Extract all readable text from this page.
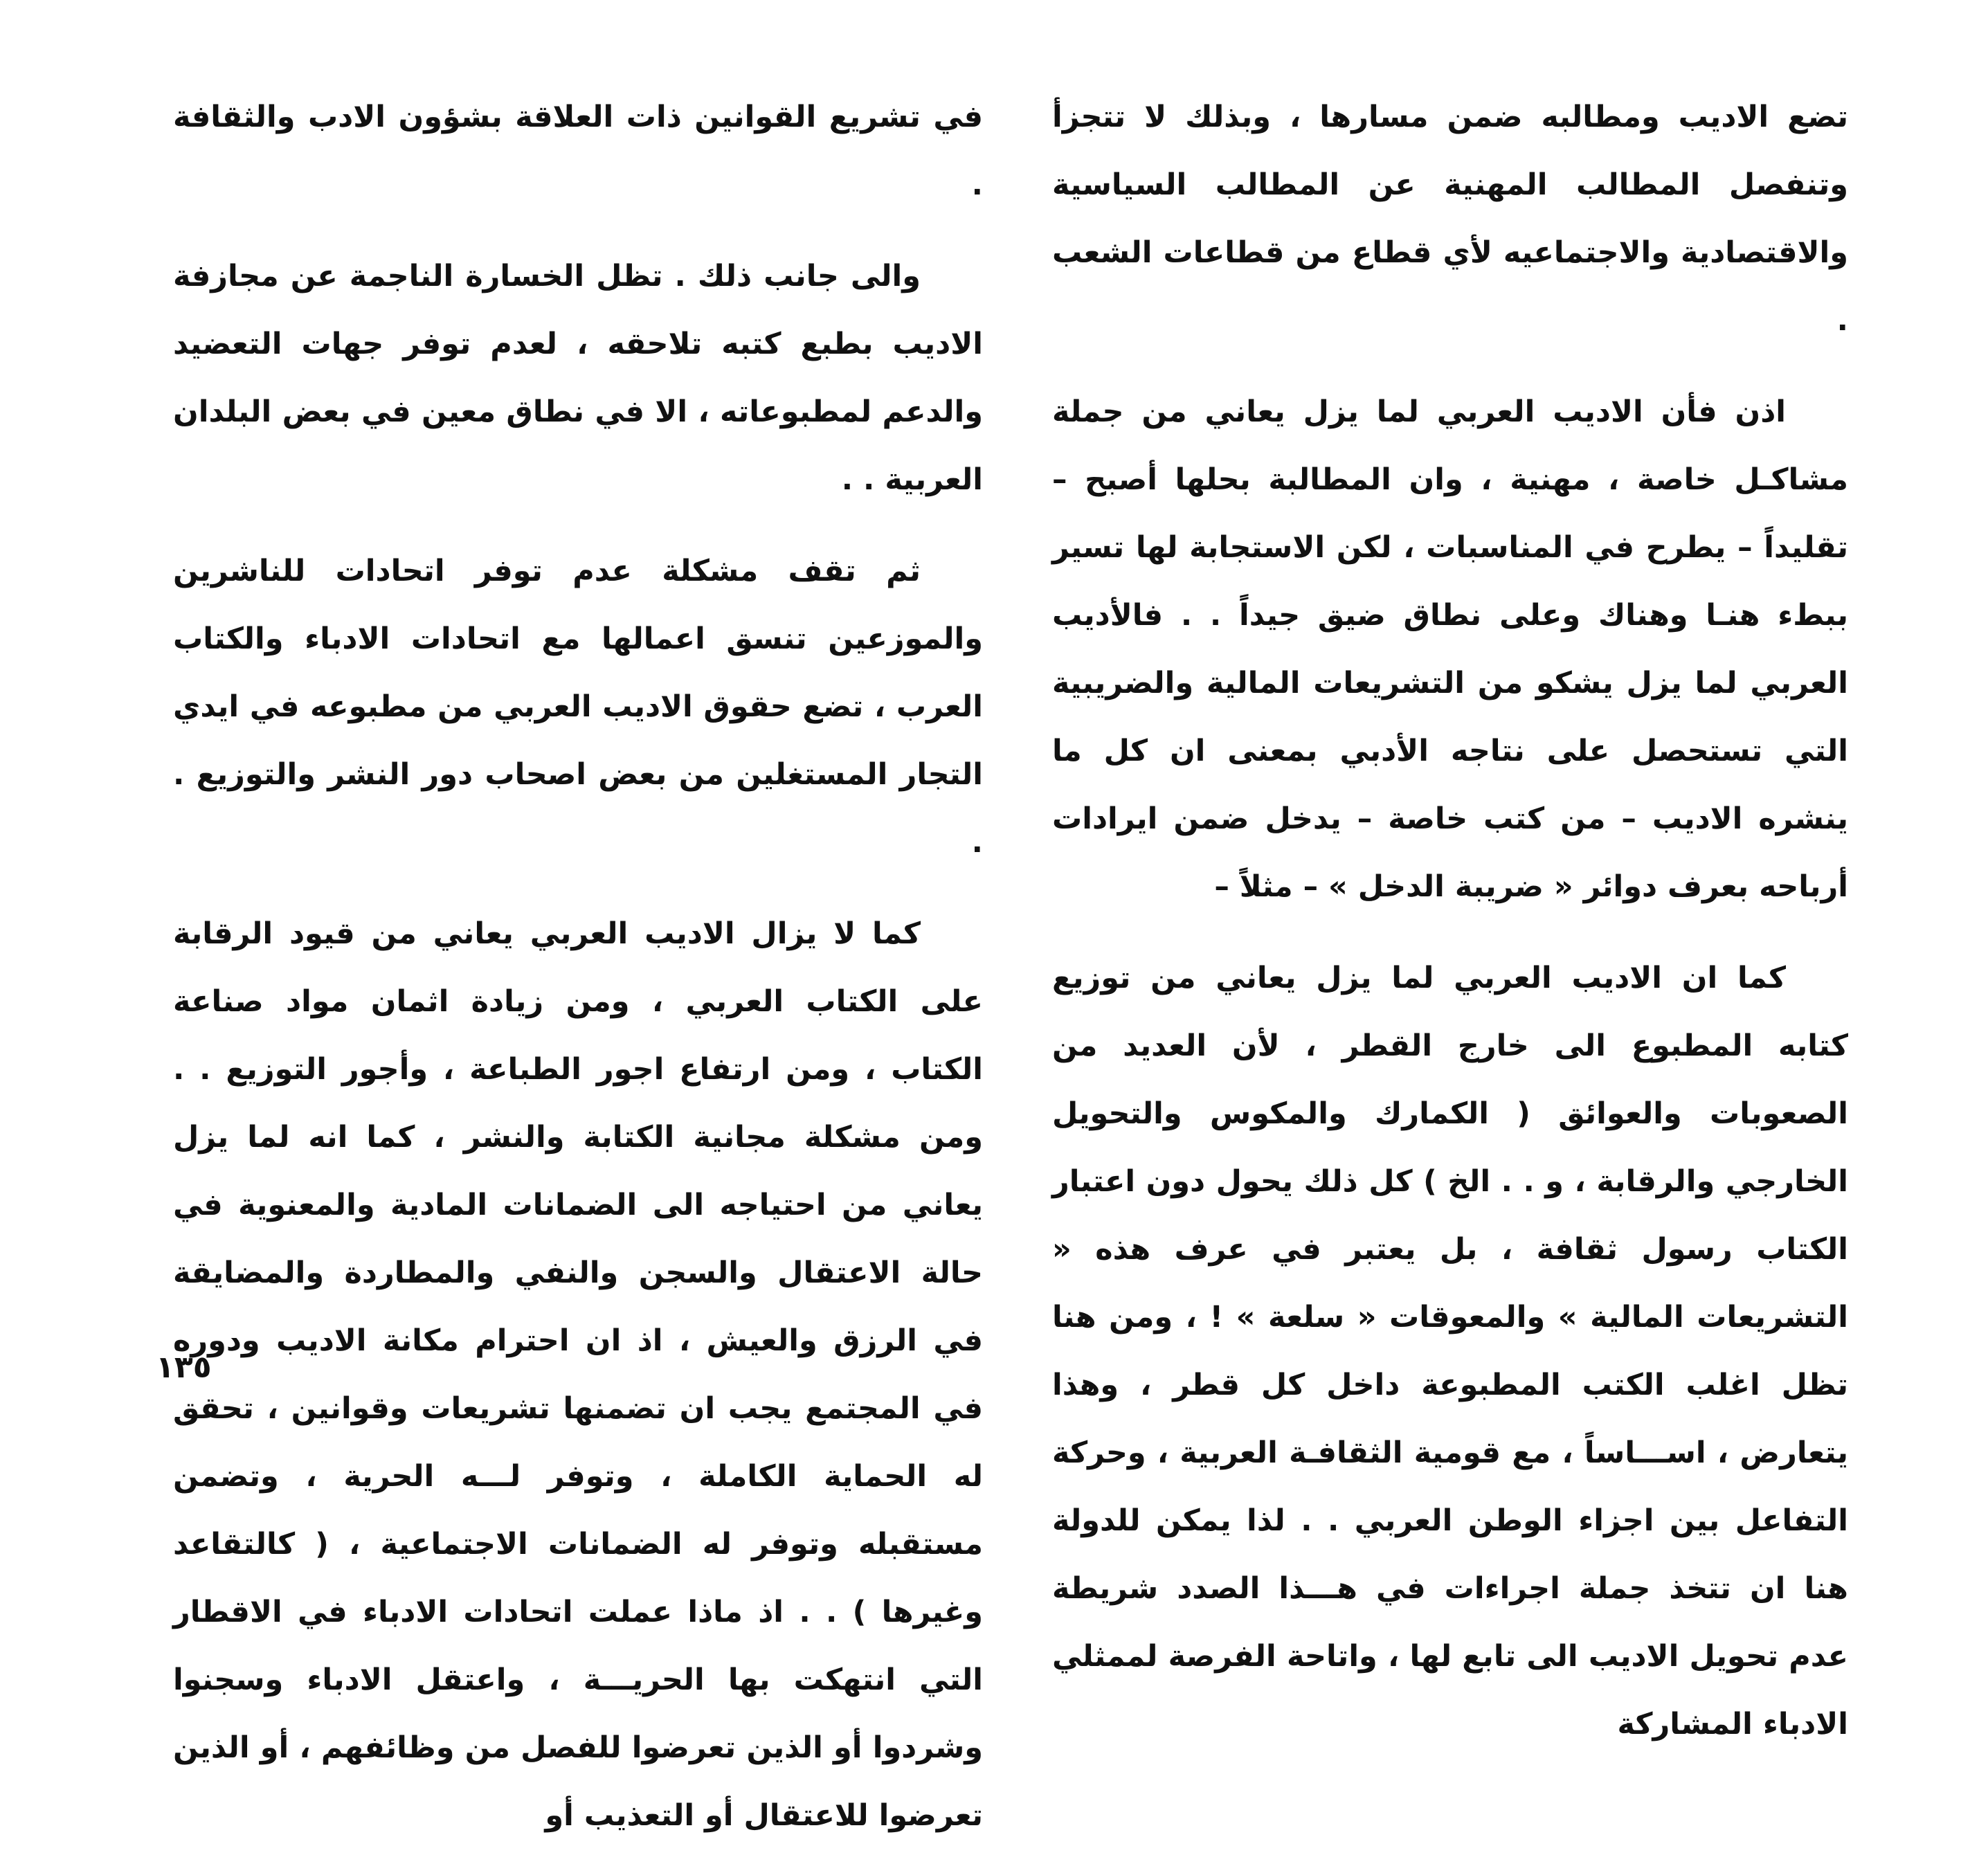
تضع الاديب ومطالبه ضمن مسارها ، وبذلك لا تتجزأ وتنفصل المطالب المهنية عن المطالب السياسية والاقتصادية والاجتماعيه لأي قطاع من قطاعات الشعب .

اذن فأن الاديب العربي لما يزل يعاني من جملة مشاكـل خاصة ، مهنية ، وان المطالبة بحلها أصبح – تقليداً – يطرح في المناسبات ، لكن الاستجابة لها تسير ببطء هنـا وهناك وعلى نطاق ضيق جيداً . . فالأديب العربي لما يزل يشكو من التشريعات المالية والضريبية التي تستحصل على نتاجه الأدبي بمعنى ان كل ما ينشره الاديب – من كتب خاصة – يدخل ضمن ايرادات أرباحه بعرف دوائر « ضريبة الدخل » – مثلاً –

كما ان الاديب العربي لما يزل يعاني من توزيع كتابه المطبوع الى خارج القطر ، لأن العديد من الصعوبات والعوائق ( الكمارك والمكوس والتحويل الخارجي والرقابة ، و . . الخ ) كل ذلك يحول دون اعتبار الكتاب رسول ثقافة ، بل يعتبر في عرف هذه « التشريعات المالية » والمعوقات « سلعة » ! ، ومن هنا تظل اغلب الكتب المطبوعة داخل كل قطر ، وهذا يتعارض ، اســـاساً ، مع قومية الثقافـة العربية ، وحركة التفاعل بين اجزاء الوطن العربي . . لذا يمكن للدولة هنا ان تتخذ جملة اجراءات في هـــذا الصدد شريطة عدم تحويل الاديب الى تابع لها ، واتاحة الفرصة لممثلي الادباء المشاركة

في تشريع القوانين ذات العلاقة بشؤون الادب والثقافة .

والى جانب ذلك . تظل الخسارة الناجمة عن مجازفة الاديب بطبع كتبه تلاحقه ، لعدم توفر جهات التعضيد والدعم لمطبوعاته ، الا في نطاق معين في بعض البلدان العربية . .

ثم تقف مشكلة عدم توفر اتحادات للناشرين والموزعين تنسق اعمالها مع اتحادات الادباء والكتاب العرب ، تضع حقوق الاديب العربي من مطبوعه في ايدي التجار المستغلين من بعض اصحاب دور النشر والتوزيع . .

كما لا يزال الاديب العربي يعاني من قيود الرقابة على الكتاب العربي ، ومن زيادة اثمان مواد صناعة الكتاب ، ومن ارتفاع اجور الطباعة ، وأجور التوزيع . . ومن مشكلة مجانية الكتابة والنشر ، كما انه لما يزل يعاني من احتياجه الى الضمانات المادية والمعنوية في حالة الاعتقال والسجن والنفي والمطاردة والمضايقة في الرزق والعيش ، اذ ان احترام مكانة الاديب ودوره في المجتمع يجب ان تضمنها تشريعات وقوانين ، تحقق له الحماية الكاملة ، وتوفر لـــه الحرية ، وتضمن مستقبله وتوفر له الضمانات الاجتماعية ، ( كالتقاعد وغيرها ) . . اذ ماذا عملت اتحادات الادباء في الاقطار التي انتهكت بها الحريـــة ، واعتقل الادباء وسجنوا وشردوا أو الذين تعرضوا للفصل من وظائفهم ، أو الذين تعرضوا للاعتقال أو التعذيب أو

١٣٥
